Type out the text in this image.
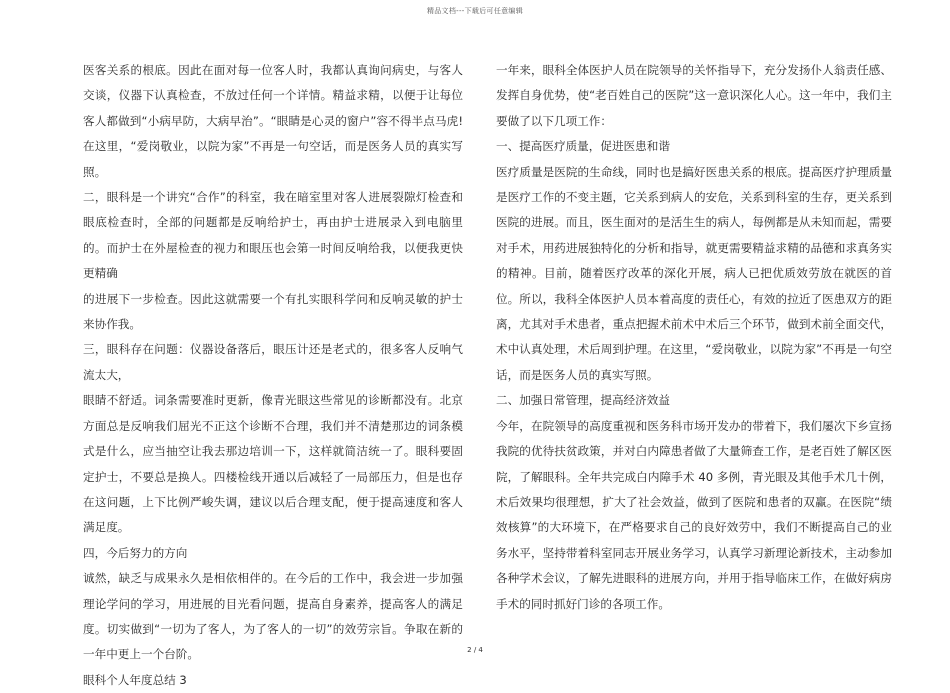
精品文档---下载后可任意编辑

医客关系的根底。因此在面对每一位客人时，我都认真询问病史，与客人交谈，仪器下认真检查，不放过任何一个详情。精益求精，以便于让每位客人都做到“小病早防，大病早治”。“眼睛是心灵的窗户”容不得半点马虎!在这里，“爱岗敬业，以院为家”不再是一句空话，而是医务人员的真实写照。

二，眼科是一个讲究“合作”的科室，我在暗室里对客人进展裂隙灯检查和眼底检查时，全部的问题都是反响给护士，再由护士进展录入到电脑里的。而护士在外屋检查的视力和眼压也会第一时间反响给我，以便我更快更精确

的进展下一步检查。因此这就需要一个有扎实眼科学问和反响灵敏的护士来协作我。

三，眼科存在问题：仪器设备落后，眼压计还是老式的，很多客人反响气流太大，

眼睛不舒适。词条需要准时更新，像青光眼这些常见的诊断都没有。北京方面总是反响我们屈光不正这个诊断不合理，我们并不清楚那边的词条模式是什么，应当抽空让我去那边培训一下，这样就简洁统一了。眼科要固定护士，不要总是换人。四楼检线开通以后减轻了一局部压力，但是也存在这问题，上下比例严峻失调，建议以后合理支配，便于提高速度和客人满足度。

四，今后努力的方向

诚然，缺乏与成果永久是相依相伴的。在今后的工作中，我会进一步加强理论学问的学习，用进展的目光看问题，提高自身素养，提高客人的满足度。切实做到“一切为了客人，为了客人的一切”的效劳宗旨。争取在新的一年中更上一个台阶。

眼科个人年度总结 3

一年来，眼科全体医护人员在院领导的关怀指导下，充分发扬仆人翁责任感、发挥自身优势，使“老百姓自己的医院”这一意识深化人心。这一年中，我们主要做了以下几项工作：

一、提高医疗质量，促进医患和谐

医疗质量是医院的生命线，同时也是搞好医患关系的根底。提高医疗护理质量是医疗工作的不变主题，它关系到病人的安危，关系到科室的生存，更关系到医院的进展。而且，医生面对的是活生生的病人，每例都是从未知而起，需要对手术，用药进展独特化的分析和指导，就更需要精益求精的品德和求真务实的精神。目前，随着医疗改革的深化开展，病人已把优质效劳放在就医的首位。所以，我科全体医护人员本着高度的责任心，有效的拉近了医患双方的距离，尤其对手术患者，重点把握术前术中术后三个环节，做到术前全面交代，术中认真处理，术后周到护理。在这里，“爱岗敬业，以院为家”不再是一句空话，而是医务人员的真实写照。

二、加强日常管理，提高经济效益

今年，在院领导的高度重视和医务科市场开发办的带着下，我们屡次下乡宣扬我院的优待扶贫政策，并对白内障患者做了大量筛查工作，是老百姓了解区医院，了解眼科。全年共完成白内障手术 40 多例，青光眼及其他手术几十例，术后效果均很理想，扩大了社会效益，做到了医院和患者的双赢。在医院“绩效核算”的大环境下，在严格要求自己的良好效劳中，我们不断提高自己的业务水平，坚持带着科室同志开展业务学习，认真学习新理论新技术，主动参加各种学术会议，了解先进眼科的进展方向，并用于指导临床工作，在做好病房手术的同时抓好门诊的各项工作。

2 / 4
